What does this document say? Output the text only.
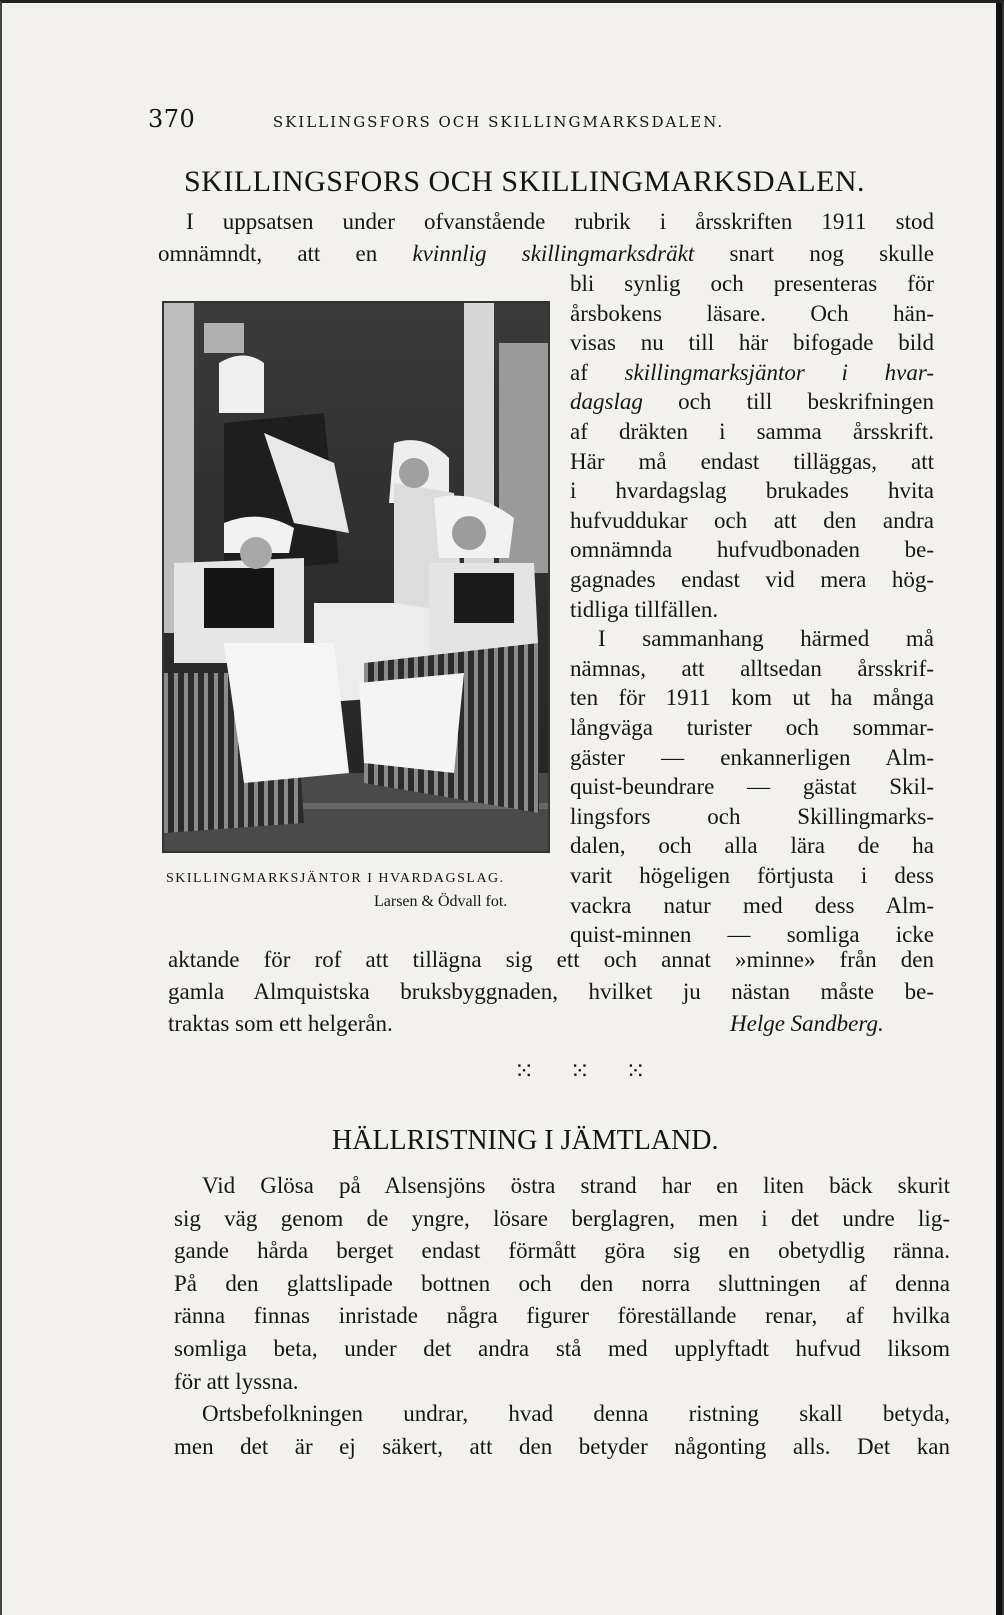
370	SKILLINGSFORS OCH SKILLINGMARKSDALEN.
SKILLINGSFORS OCH SKILLINGMARKSDALEN.
SKILLINGMARKSJÄNTOR I HVARDAGSLAG.
Larsen & Ödvall fot.
I uppsatsen under ofvanstående rubrik i årsskriften 1911 stod
omnämndt, att en kvinnlig skillingmarksdräkt snart nog skulle
bli synlig och presenteras för
årsbokens läsare. Och hän-
visas nu till här bifogade bild
af skillingmarksjäntor i hvar-
dagslag och till beskrifningen
af dräkten i samma årsskrift.
Här må endast tilläggas, att
i hvardagslag brukades hvita
hufvuddukar och att den andra
omnämnda hufvudbonaden be-
gagnades endast vid mera hög-
tidliga tillfällen.
I sammanhang härmed må
nämnas, att alltsedan årsskrif-
ten för 1911 kom ut ha många
långväga turister och sommar-
gäster — enkannerligen Alm-
quist-beundrare — gästat Skil-
lingsfors och Skillingmarks-
dalen, och alla lära de ha
varit högeligen förtjusta i dess
vackra natur med dess Alm-
quist-minnen — somliga icke
aktande för rof att tillägna sig ett och annat »minne» från den
gamla Almquistska bruksbyggnaden, hvilket ju nästan måste be-
traktas som ett helgerån.	Helge Sandberg.
⁙ ⁙ ⁙
HÄLLRISTNING I JÄMTLAND.
Vid Glösa på Alsensjöns östra strand har en liten bäck skurit
sig väg genom de yngre, lösare berglagren, men i det undre lig-
gande hårda berget endast förmått göra sig en obetydlig ränna.
På den glattslipade bottnen och den norra sluttningen af denna
ränna finnas inristade några figurer föreställande renar, af hvilka
somliga beta, under det andra stå med upplyftadt hufvud liksom
för att lyssna.
Ortsbefolkningen undrar, hvad denna ristning skall betyda,
men det är ej säkert, att den betyder någonting alls. Det kan
